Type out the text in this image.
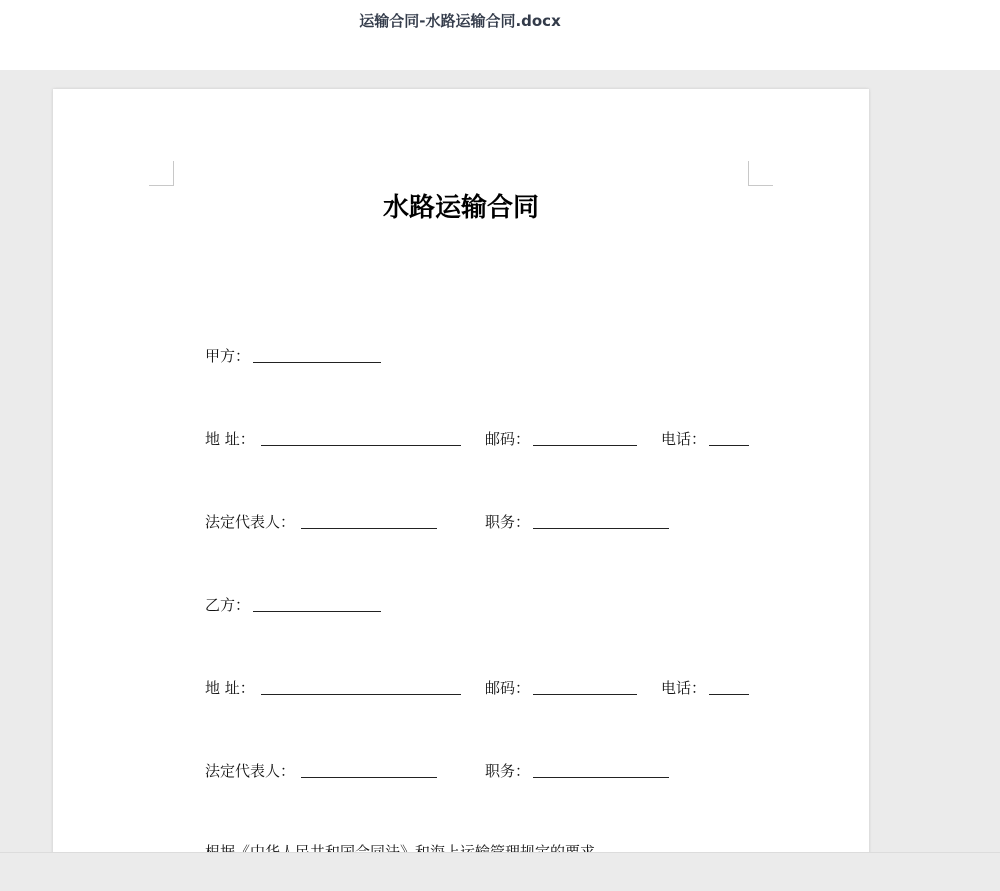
运输合同-水路运输合同.docx
水路运输合同
甲方：
地 址：	邮码：	电话：
法定代表人：	职务：
乙方：
地 址：	邮码：	电话：
法定代表人：	职务：
